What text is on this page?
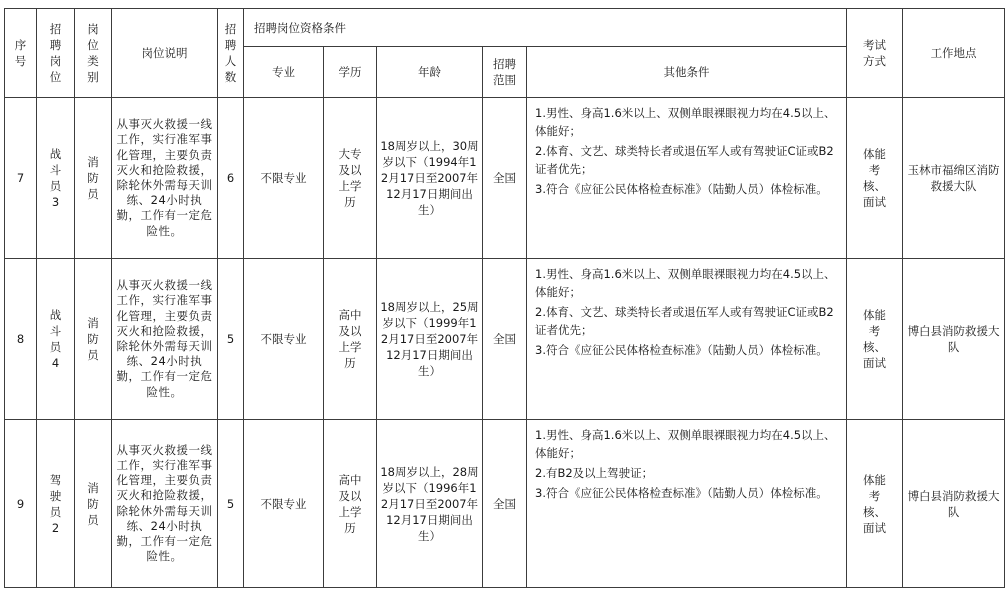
序号	招聘岗位	岗位类别	岗位说明	招聘人数	招聘岗位资格条件					考试方式	工作地点
					专业	学历	年龄	招聘范围	其他条件		
7	战斗员3	消防员	从事灭火救援一线工作，实行准军事化管理，主要负责灭火和抢险救援，除轮休外需每天训练、24小时执勤，工作有一定危险性。	6	不限专业	大专及以上学历	18周岁以上，30周岁以下（1994年12月17日至2007年12月17日期间出生）	全国	1.男性、身高1.6米以上、双侧单眼裸眼视力均在4.5以上、体能好；

2.体育、文艺、球类特长者或退伍军人或有驾驶证C证或B2证者优先；

3.符合《应征公民体格检查标准》（陆勤人员）体检标准。	体能考核、面试	玉林市福绵区消防救援大队
8	战斗员4	消防员	从事灭火救援一线工作，实行准军事化管理，主要负责灭火和抢险救援，除轮休外需每天训练、24小时执勤，工作有一定危险性。	5	不限专业	高中及以上学历	18周岁以上，25周岁以下（1999年12月17日至2007年12月17日期间出生）	全国	1.男性、身高1.6米以上、双侧单眼裸眼视力均在4.5以上、体能好；

2.体育、文艺、球类特长者或退伍军人或有驾驶证C证或B2证者优先；

3.符合《应征公民体格检查标准》（陆勤人员）体检标准。	体能考核、面试	博白县消防救援大队
9	驾驶员2	消防员	从事灭火救援一线工作，实行准军事化管理，主要负责灭火和抢险救援，除轮休外需每天训练、24小时执勤，工作有一定危险性。	5	不限专业	高中及以上学历	18周岁以上，28周岁以下（1996年12月17日至2007年12月17日期间出生）	全国	1.男性、身高1.6米以上、双侧单眼裸眼视力均在4.5以上、体能好；

2.有B2及以上驾驶证；

3.符合《应征公民体格检查标准》（陆勤人员）体检标准。	体能考核、面试	博白县消防救援大队
